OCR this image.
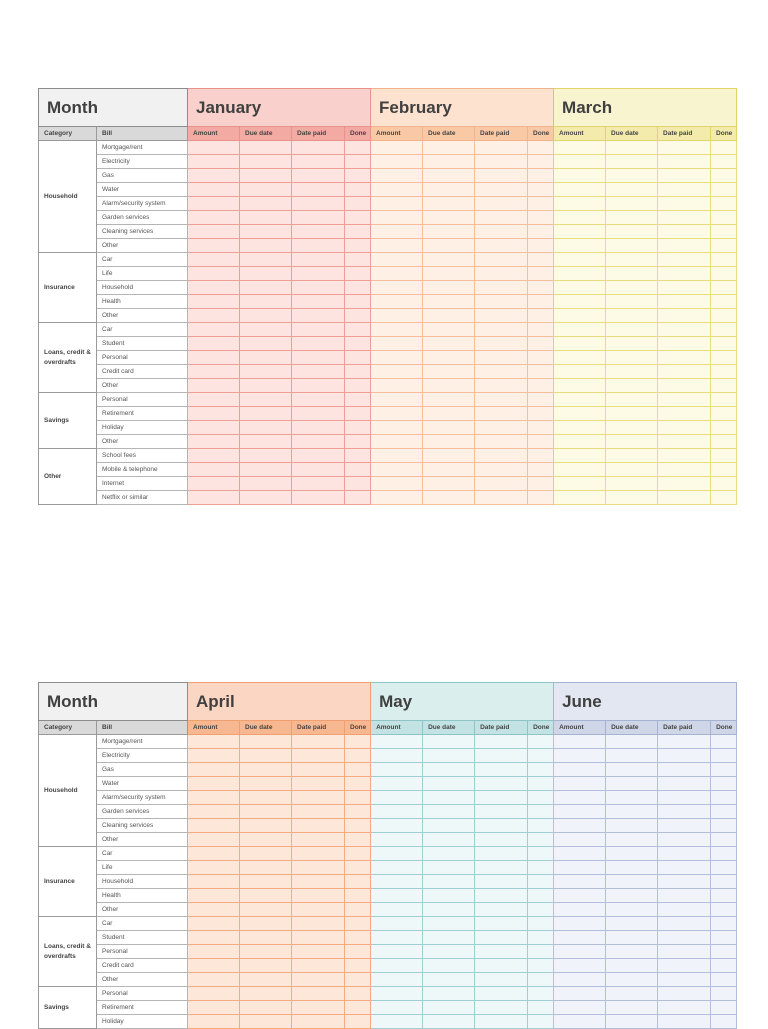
Month		January				February				March			
Category	Bill	Amount	Due date	Date paid	Done	Amount	Due date	Date paid	Done	Amount	Due date	Date paid	Done
Household	Mortgage/rent												
	Electricity												
	Gas												
	Water												
	Alarm/security system												
	Garden services												
	Cleaning services												
	Other												
Insurance	Car												
	Life												
	Household												
	Health												
	Other												
Loans, credit & overdrafts	Car												
	Student												
	Personal												
	Credit card												
	Other												
Savings	Personal												
	Retirement												
	Holiday												
	Other												
Other	School fees												
	Mobile & telephone												
	Internet												
	Netflix or similar												
Month		April				May				June			
Category	Bill	Amount	Due date	Date paid	Done	Amount	Due date	Date paid	Done	Amount	Due date	Date paid	Done
Household	Mortgage/rent												
	Electricity												
	Gas												
	Water												
	Alarm/security system												
	Garden services												
	Cleaning services												
	Other												
Insurance	Car												
	Life												
	Household												
	Health												
	Other												
Loans, credit & overdrafts	Car												
	Student												
	Personal												
	Credit card												
	Other												
Savings	Personal												
	Retirement												
	Holiday												
